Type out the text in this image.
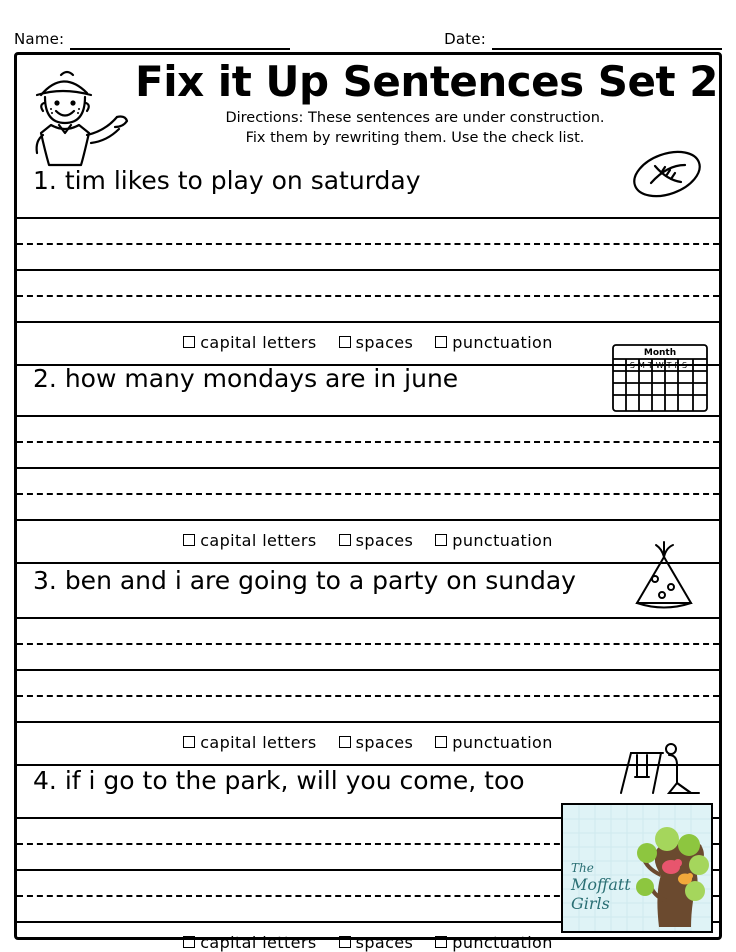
Name:	Date:
Fix it Up Sentences Set 2
Directions: These sentences are under construction.
Fix them by rewriting them. Use the check list.
1. tim likes to play on saturday
capital letters spaces punctuation
Month
SMTWTFS
2. how many mondays are in june
capital letters spaces punctuation
3. ben and i are going to a party on sunday
capital letters spaces punctuation
4. if i go to the park, will you come, too
capital letters spaces punctuation
The
Moffatt
Girls
